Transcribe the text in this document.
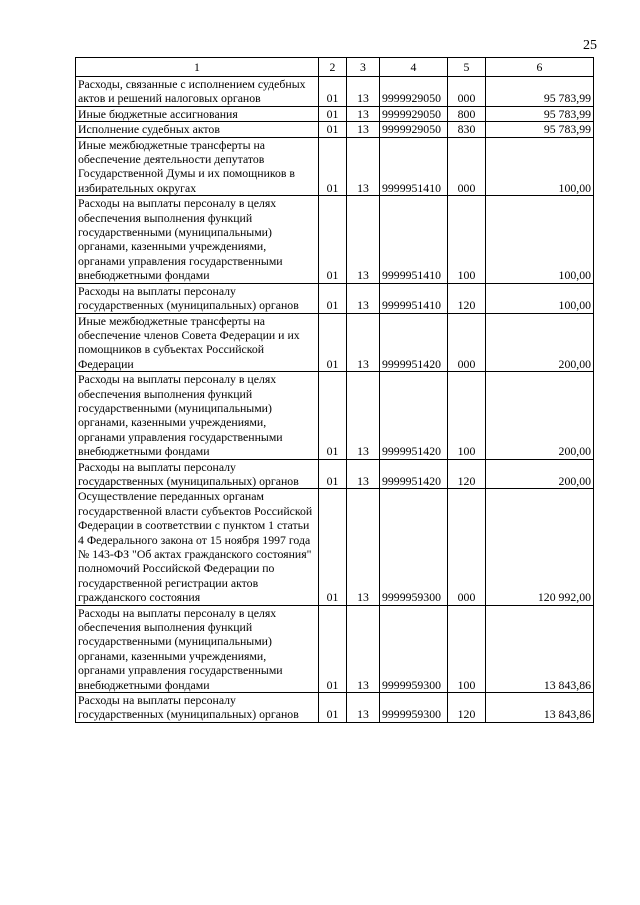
25
1	2	3	4	5	6
Расходы, связанные с исполнением судебных актов и решений налоговых органов	01	13	9999929050	000	95 783,99
Иные бюджетные ассигнования	01	13	9999929050	800	95 783,99
Исполнение судебных актов	01	13	9999929050	830	95 783,99
Иные межбюджетные трансферты на обеспечение деятельности депутатов Государственной Думы и их помощников в избирательных округах	01	13	9999951410	000	100,00
Расходы на выплаты персоналу в целях обеспечения выполнения функций государственными (муниципальными) органами, казенными учреждениями, органами управления государственными внебюджетными фондами	01	13	9999951410	100	100,00
Расходы на выплаты персоналу государственных (муниципальных) органов	01	13	9999951410	120	100,00
Иные межбюджетные трансферты на обеспечение членов Совета Федерации и их помощников в субъектах Российской Федерации	01	13	9999951420	000	200,00
Расходы на выплаты персоналу в целях обеспечения выполнения функций государственными (муниципальными) органами, казенными учреждениями, органами управления государственными внебюджетными фондами	01	13	9999951420	100	200,00
Расходы на выплаты персоналу государственных (муниципальных) органов	01	13	9999951420	120	200,00
Осуществление переданных органам государственной власти субъектов Российской Федерации в соответствии с пунктом 1 статьи 4 Федерального закона от 15 ноября 1997 года № 143-ФЗ "Об актах гражданского состояния" полномочий Российской Федерации по государственной регистрации актов гражданского состояния	01	13	9999959300	000	120 992,00
Расходы на выплаты персоналу в целях обеспечения выполнения функций государственными (муниципальными) органами, казенными учреждениями, органами управления государственными внебюджетными фондами	01	13	9999959300	100	13 843,86
Расходы на выплаты персоналу государственных (муниципальных) органов	01	13	9999959300	120	13 843,86
